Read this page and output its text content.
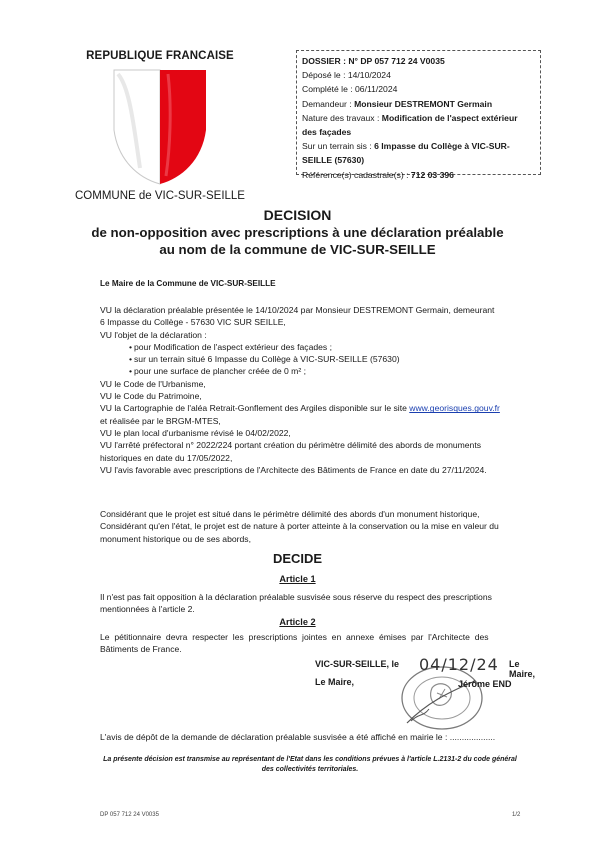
REPUBLIQUE FRANCAISE
COMMUNE de VIC-SUR-SEILLE
DOSSIER : N° DP 057 712 24 V0035
Déposé le : 14/10/2024
Complété le : 06/11/2024
Demandeur : Monsieur DESTREMONT Germain
Nature des travaux : Modification de l'aspect extérieur
des façades
Sur un terrain sis : 6 Impasse du Collège à VIC-SUR-
SEILLE (57630)
Référence(s) cadastrale(s) : 712 03 396
DECISION
de non-opposition avec prescriptions à une déclaration préalable
au nom de la commune de VIC-SUR-SEILLE
Le Maire de la Commune de VIC-SUR-SEILLE
VU la déclaration préalable présentée le 14/10/2024 par Monsieur DESTREMONT Germain, demeurant
6 Impasse du Collège - 57630 VIC SUR SEILLE,
VU l'objet de la déclaration :
• pour Modification de l'aspect extérieur des façades ;
• sur un terrain situé 6 Impasse du Collège à VIC-SUR-SEILLE (57630)
• pour une surface de plancher créée de 0 m² ;
VU le Code de l'Urbanisme,
VU le Code du Patrimoine,
VU la Cartographie de l'aléa Retrait-Gonflement des Argiles disponible sur le site www.georisques.gouv.fr
et réalisée par le BRGM-MTES,
VU le plan local d'urbanisme révisé le 04/02/2022,
VU l'arrêté préfectoral n° 2022/224 portant création du périmètre délimité des abords de monuments
historiques en date du 17/05/2022,
VU l'avis favorable avec prescriptions de l'Architecte des Bâtiments de France en date du 27/11/2024.
Considérant que le projet est situé dans le périmètre délimité des abords d'un monument historique,
Considérant qu'en l'état, le projet est de nature à porter atteinte à la conservation ou la mise en valeur du
monument historique ou de ses abords,
DECIDE
Article 1
Il n'est pas fait opposition à la déclaration préalable susvisée sous réserve du respect des prescriptions
mentionnées à l'article 2.
Article 2
Le  pétitionnaire  devra  respecter  les  prescriptions  jointes  en  annexe  émises  par  l'Architecte  des
Bâtiments de France.
VIC-SUR-SEILLE, le 04/12/24 Le Maire,
Le Maire,	Jérôme END
L'avis de dépôt de la demande de déclaration préalable susvisée a été affiché en mairie le : ...................
La présente décision est transmise au représentant de l'Etat dans les conditions prévues à l'article L.2131-2 du code général
des collectivités territoriales.
DP 057 712 24 V0035	1/2
